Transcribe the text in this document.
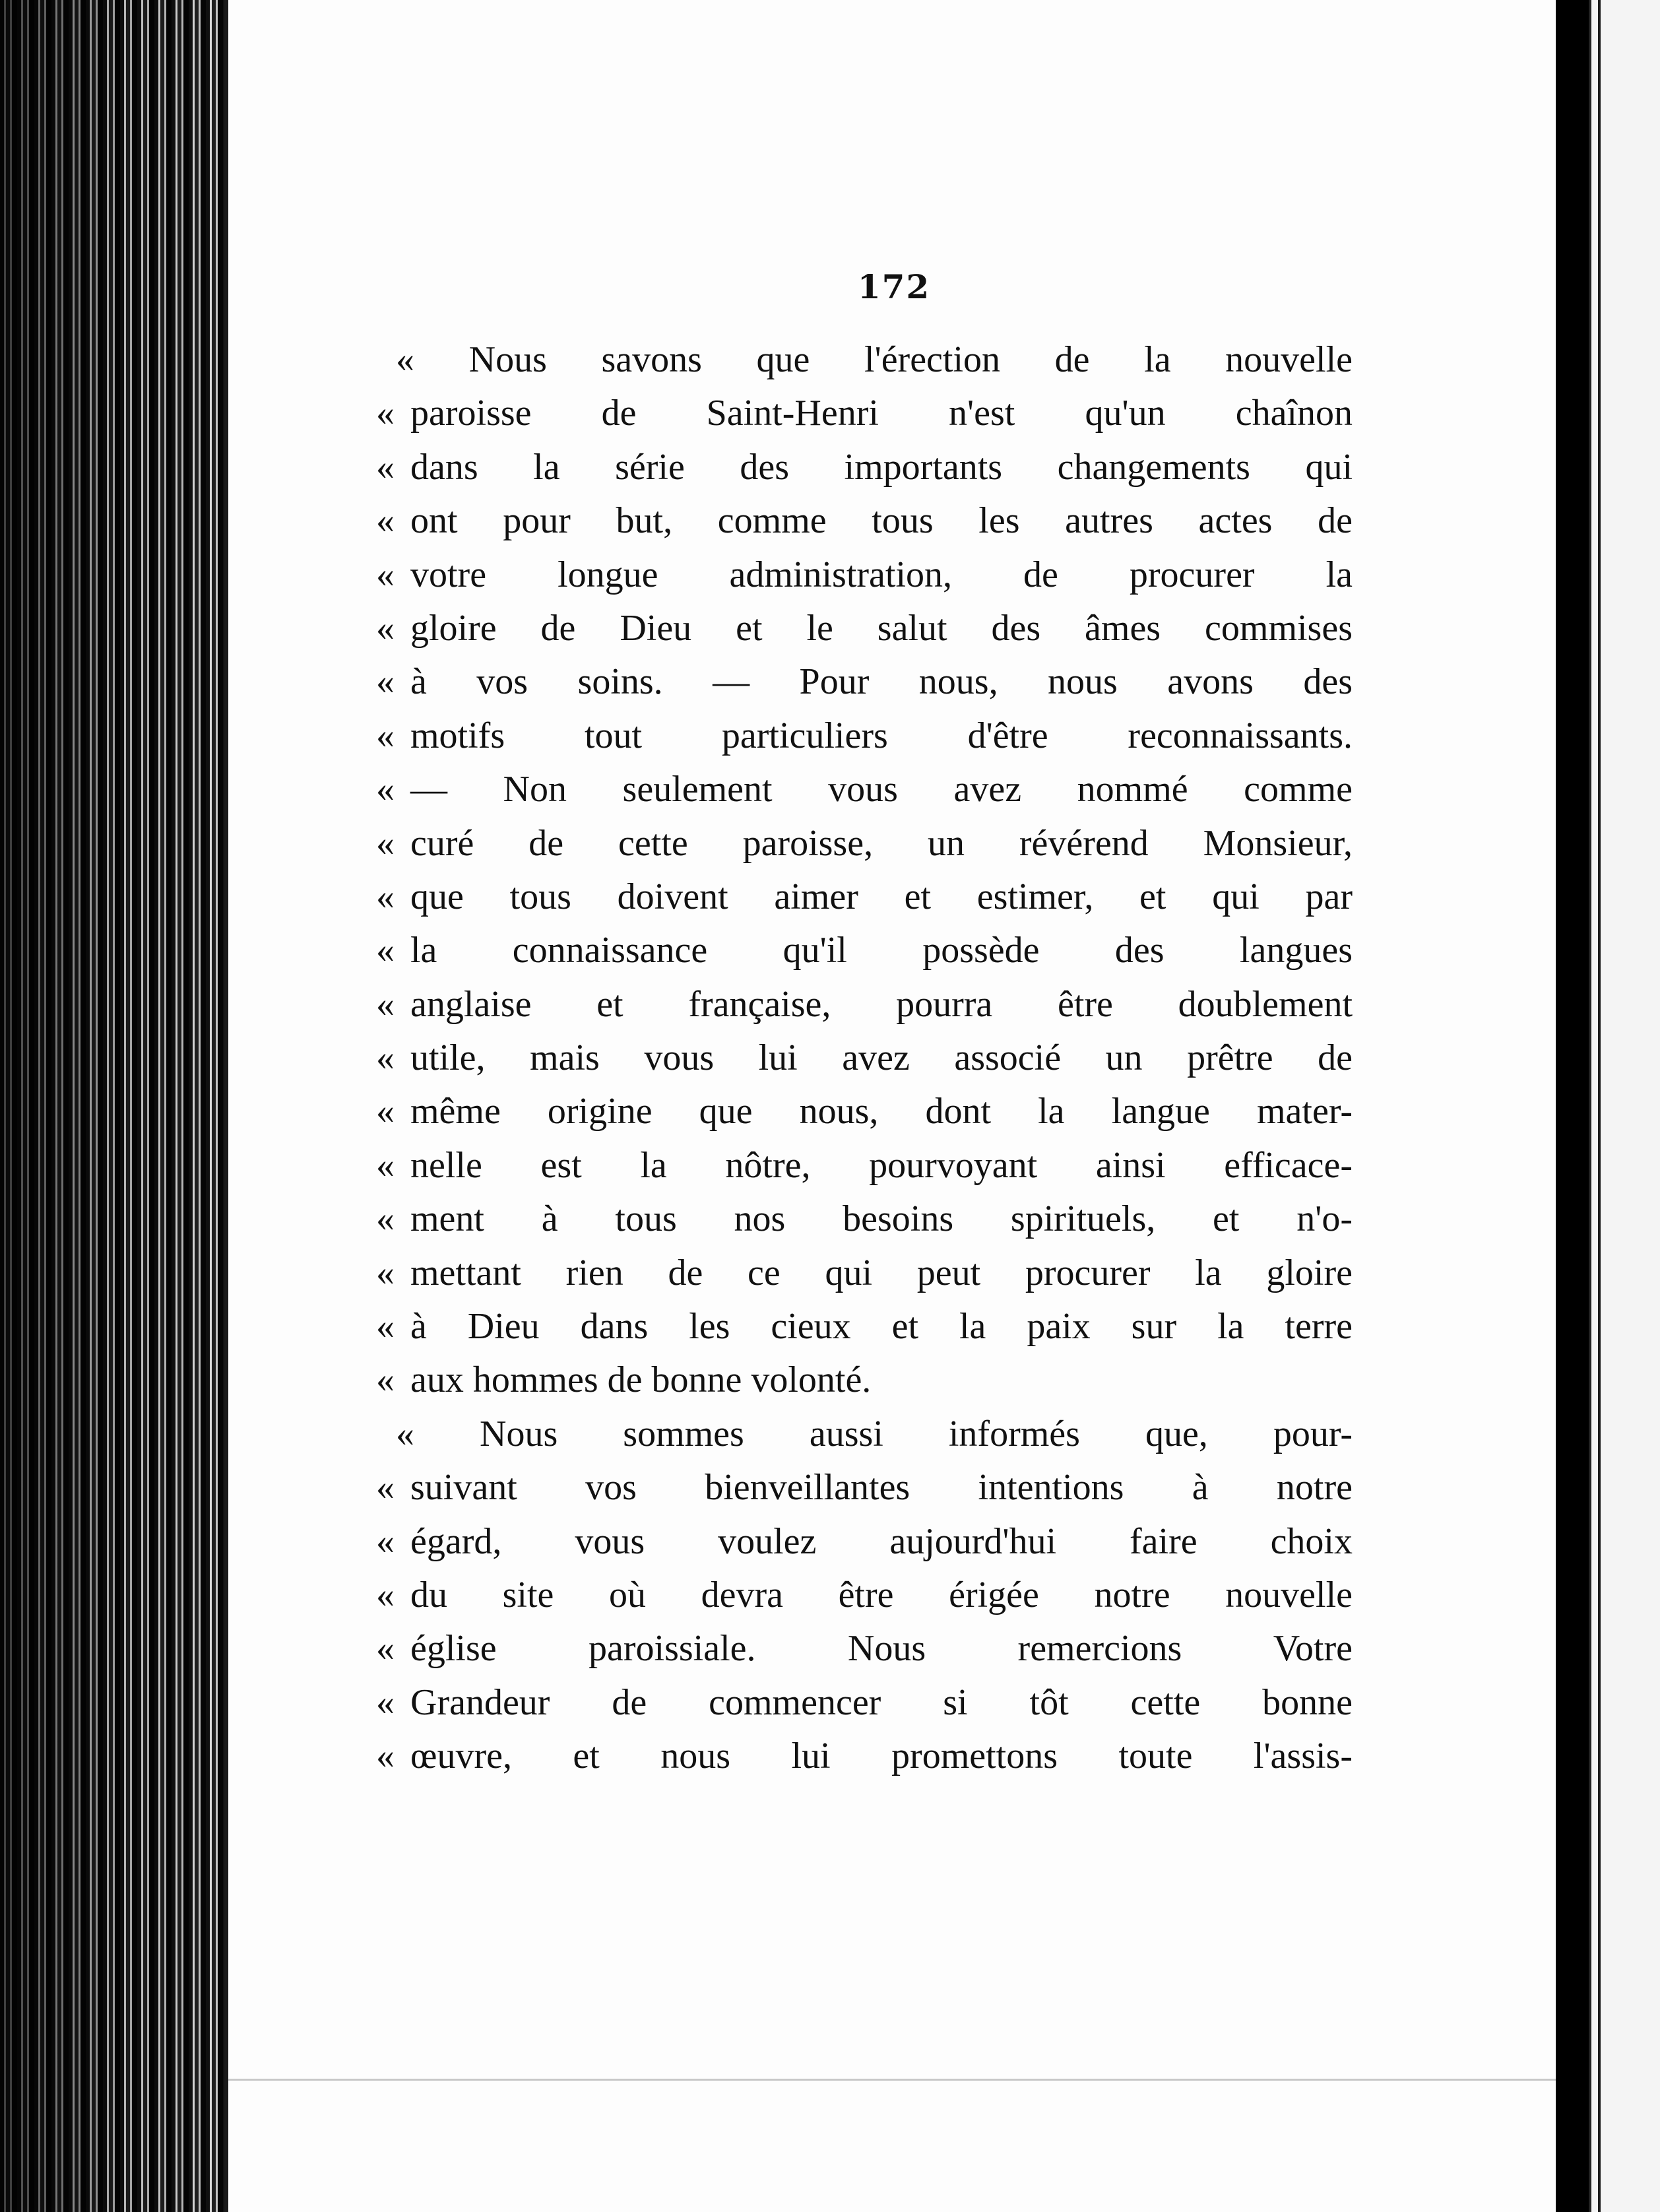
172
« Nous savons que l'érection de la nouvelle
« paroisse de Saint-Henri n'est qu'un chaînon
« dans la série des importants changements qui
« ont pour but, comme tous les autres actes de
« votre longue administration, de procurer la
« gloire de Dieu et le salut des âmes commises
« à vos soins. — Pour nous, nous avons des
« motifs tout particuliers d'être reconnaissants.
« — Non seulement vous avez nommé comme
« curé de cette paroisse, un révérend Monsieur,
« que tous doivent aimer et estimer, et qui par
« la connaissance qu'il possède des langues
« anglaise et française, pourra être doublement
« utile, mais vous lui avez associé un prêtre de
« même origine que nous, dont la langue mater-
« nelle est la nôtre, pourvoyant ainsi efficace-
« ment à tous nos besoins spirituels, et n'o-
« mettant rien de ce qui peut procurer la gloire
« à Dieu dans les cieux et la paix sur la terre
« aux hommes de bonne volonté.
« Nous sommes aussi informés que, pour-
« suivant vos bienveillantes intentions à notre
« égard, vous voulez aujourd'hui faire choix
« du site où devra être érigée notre nouvelle
« église paroissiale. Nous remercions Votre
« Grandeur de commencer si tôt cette bonne
« œuvre, et nous lui promettons toute l'assis-
